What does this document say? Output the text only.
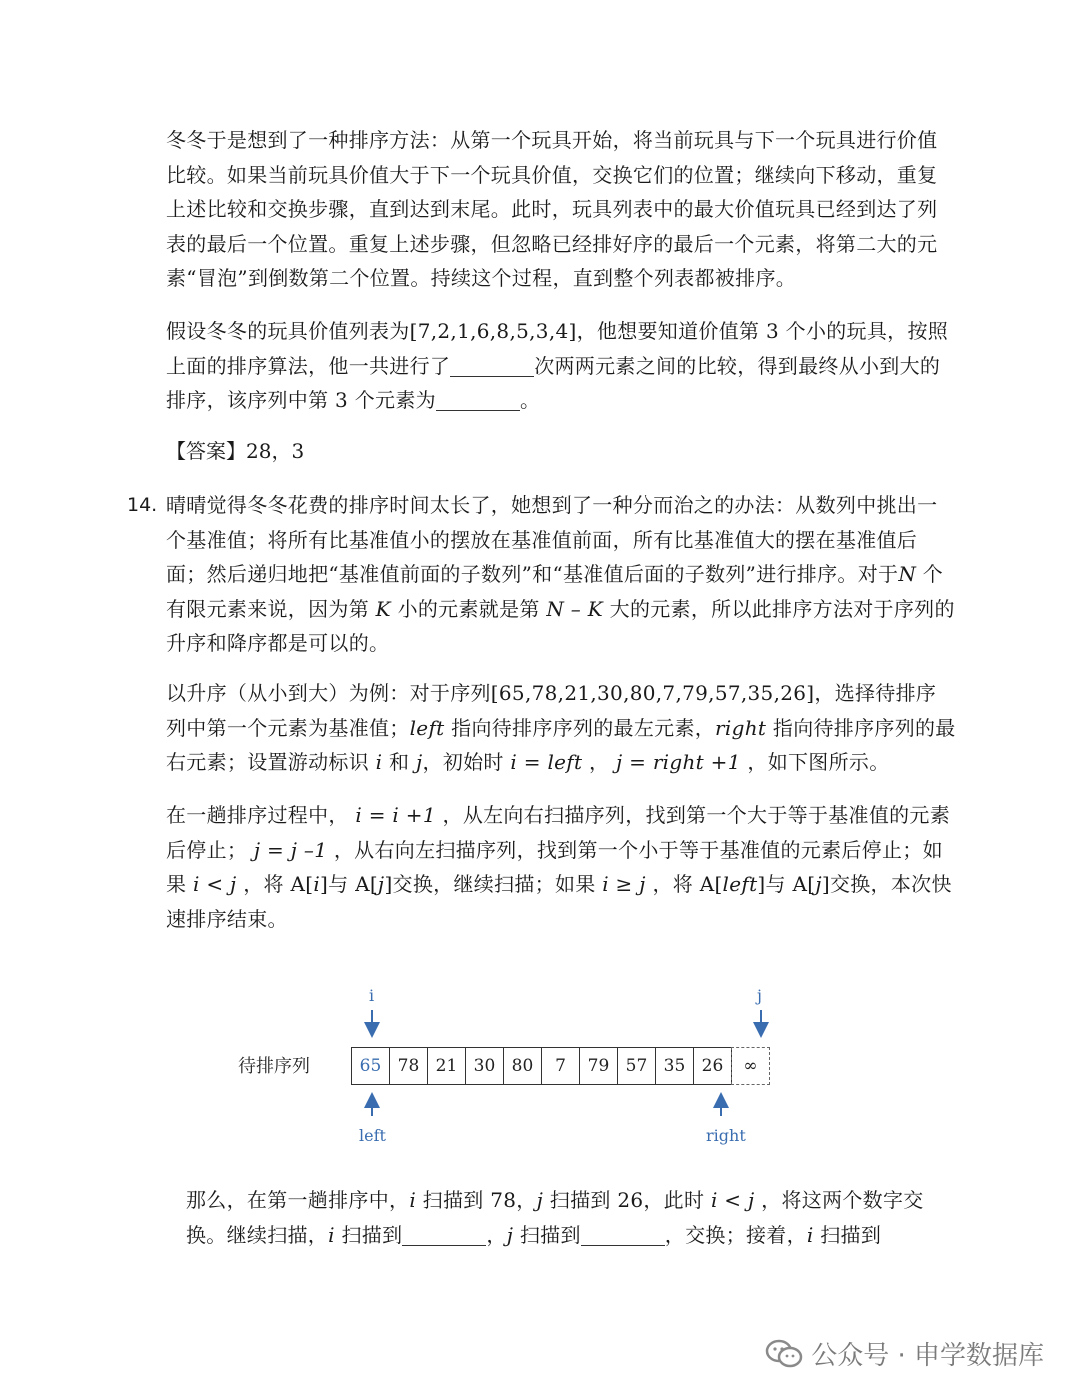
冬冬于是想到了一种排序方法：从第一个玩具开始，将当前玩具与下一个玩具进行价值比较。如果当前玩具价值大于下一个玩具价值，交换它们的位置；继续向下移动，重复上述比较和交换步骤，直到达到末尾。此时，玩具列表中的最大价值玩具已经到达了列表的最后一个位置。重复上述步骤，但忽略已经排好序的最后一个元素，将第二大的元素“冒泡”到倒数第二个位置。持续这个过程，直到整个列表都被排序。

假设冬冬的玩具价值列表为[7,2,1,6,8,5,3,4]，他想要知道价值第 3 个小的玩具，按照上面的排序算法，他一共进行了	次两两元素之间的比较，得到最终从小到大的排序，该序列中第 3 个元素为	。

【答案】28，3
14. 晴晴觉得冬冬花费的排序时间太长了，她想到了一种分而治之的办法：从数列中挑出一个基准值；将所有比基准值小的摆放在基准值前面，所有比基准值大的摆在基准值后面；然后递归地把“基准值前面的子数列”和“基准值后面的子数列”进行排序。对于N 个有限元素来说，因为第 K 小的元素就是第 N – K 大的元素，所以此排序方法对于序列的升序和降序都是可以的。

以升序（从小到大）为例：对于序列[65,78,21,30,80,7,79,57,35,26]，选择待排序列中第一个元素为基准值；left 指向待排序序列的最左元素，right 指向待排序序列的最右元素；设置游动标识 i 和 j，初始时 i = left ， j = right +1 ，如下图所示。

在一趟排序过程中， i = i +1 ，从左向右扫描序列，找到第一个大于等于基准值的元素后停止； j = j –1 ，从右向左扫描序列，找到第一个小于等于基准值的元素后停止；如果 i < j ，将 A[i]与 A[j]交换，继续扫描；如果 i ≥ j ，将 A[left]与 A[j]交换，本次快速排序结束。

待排序列	65 78 21 30 80	7	79 57 35 26	∞
i	j
left	right

那么，在第一趟排序中，i 扫描到 78，j 扫描到 26，此时 i < j ，将这两个数字交换。继续扫描，i 扫描到	，j 扫描到	，交换；接着，i 扫描到

公众号 · 申学数据库
